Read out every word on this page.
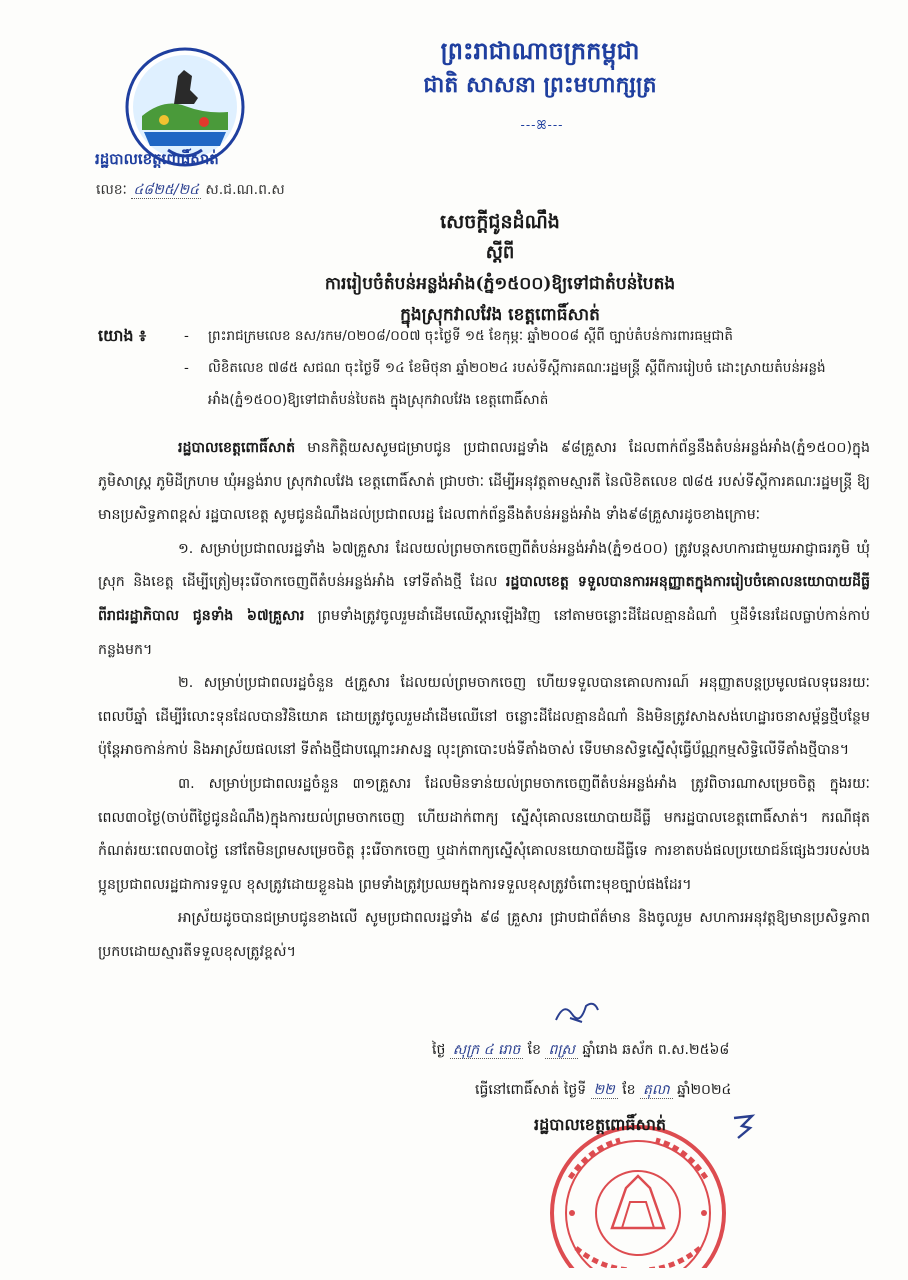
ព្រះរាជាណាចក្រកម្ពុជា
ជាតិ សាសនា ព្រះមហាក្សត្រ
---ꕤ---
រដ្ឋបាលខេត្តពោធិ៍សាត់
លេខៈ ៤៨២៥/២៤ ស.ជ.ណ.ព.ស
សេចក្តីជូនដំណឹង
ស្តីពី
ការរៀបចំតំបន់អន្លង់អាំង(ភ្នំ១៥០០)ឱ្យទៅជាតំបន់បៃតង
ក្នុងស្រុកវាលវែង ខេត្តពោធិ៍សាត់
យោង ៖	- ព្រះរាជក្រមលេខ នស/រកម/០២០៨/០០៧ ចុះថ្ងៃទី ១៥ ខែកុម្ភៈ ឆ្នាំ២០០៨ ស្តីពី ច្បាប់តំបន់ការពារធម្មជាតិ
- លិខិតលេខ ៧៨៥ សជណ ចុះថ្ងៃទី ១៤ ខែមិថុនា ឆ្នាំ២០២៤ របស់ទីស្តីការគណៈរដ្ឋមន្ត្រី ស្តីពីការរៀបចំ ដោះស្រាយតំបន់អន្លង់អាំង(ភ្នំ១៥០០)ឱ្យទៅជាតំបន់បៃតង ក្នុងស្រុកវាលវែង ខេត្តពោធិ៍សាត់

រដ្ឋបាលខេត្តពោធិ៍សាត់ មានកិត្តិយសសូមជម្រាបជូន ប្រជាពលរដ្ឋទាំង ៩៨គ្រួសារ ដែលពាក់ព័ន្ធនឹងតំបន់អន្លង់អាំង(ភ្នំ១៥០០)ក្នុងភូមិសាស្ត្រ ភូមិដីក្រហម ឃុំអន្លង់រាប ស្រុកវាលវែង ខេត្តពោធិ៍សាត់ ជ្រាបថាៈ ដើម្បីអនុវត្តតាមស្មារតី នៃលិខិតលេខ ៧៨៥ របស់ទីស្តីការគណៈរដ្ឋមន្ត្រី ឱ្យមានប្រសិទ្ធភាពខ្ពស់ រដ្ឋបាលខេត្ត សូមជូនដំណឹងដល់ប្រជាពលរដ្ឋ ដែលពាក់ព័ន្ធនឹងតំបន់អន្លង់អាំង ទាំង៩៨គ្រួសារដូចខាងក្រោមៈ

១. សម្រាប់ប្រជាពលរដ្ឋទាំង ៦៧គ្រួសារ ដែលយល់ព្រមចាកចេញពីតំបន់អន្លង់អាំង(ភ្នំ១៥០០) ត្រូវបន្តសហការជាមួយអាជ្ញាធរភូមិ ឃុំ ស្រុក និងខេត្ត ដើម្បីត្រៀមរុះរើចាកចេញពីតំបន់អន្លង់អាំង ទៅទីតាំងថ្មី ដែល រដ្ឋបាលខេត្ត ទទួលបានការអនុញ្ញាតក្នុងការរៀបចំគោលនយោបាយដីធ្លី ពីរាជរដ្ឋាភិបាល ជូនទាំង ៦៧គ្រួសារ ព្រមទាំងត្រូវចូលរួមដាំដើមឈើស្តារឡើងវិញ នៅតាមចន្លោះដីដែលគ្មានដំណាំ ឬដីទំនេរដែលធ្លាប់កាន់កាប់កន្លងមក។

២. សម្រាប់ប្រជាពលរដ្ឋចំនួន ៥គ្រួសារ ដែលយល់ព្រមចាកចេញ ហើយទទួលបានគោលការណ៍ អនុញ្ញាតបន្តប្រមូលផលទុរេនរយៈពេលបីឆ្នាំ ដើម្បីរំលោះទុនដែលបានវិនិយោគ ដោយត្រូវចូលរួមដាំដើមឈើនៅ ចន្លោះដីដែលគ្មានដំណាំ និងមិនត្រូវសាងសង់ហេដ្ឋារចនាសម្ព័ន្ធថ្មីបន្ថែម ប៉ុន្តែអាចកាន់កាប់ និងអាស្រ័យផលនៅ ទីតាំងថ្មីជាបណ្តោះអាសន្ន លុះត្រាបោះបង់ទីតាំងចាស់ ទើបមានសិទ្ធស្នើសុំធ្វើប័ណ្ណកម្មសិទ្ធិលើទីតាំងថ្មីបាន។

៣. សម្រាប់ប្រជាពលរដ្ឋចំនួន ៣១គ្រួសារ ដែលមិនទាន់យល់ព្រមចាកចេញពីតំបន់អន្លង់អាំង ត្រូវពិចារណាសម្រេចចិត្ត ក្នុងរយៈពេល៣០ថ្ងៃ(ចាប់ពីថ្ងៃជូនដំណឹង)ក្នុងការយល់ព្រមចាកចេញ ហើយដាក់ពាក្យ ស្នើសុំគោលនយោបាយដីធ្លី មករដ្ឋបាលខេត្តពោធិ៍សាត់។ ករណីផុតកំណត់រយៈពេល៣០ថ្ងៃ នៅតែមិនព្រមសម្រេចចិត្ត រុះរើចាកចេញ ឬដាក់ពាក្យស្នើសុំគោលនយោបាយដីធ្លីទេ ការខាតបង់ផលប្រយោជន៍ផ្សេងៗរបស់បងប្អូនប្រជាពលរដ្ឋជាការទទួល ខុសត្រូវដោយខ្លួនឯង ព្រមទាំងត្រូវប្រឈមក្នុងការទទួលខុសត្រូវចំពោះមុខច្បាប់ផងដែរ។

អាស្រ័យដូចបានជម្រាបជូនខាងលើ សូមប្រជាពលរដ្ឋទាំង ៩៨ គ្រួសារ ជ្រាបជាព័ត៌មាន និងចូលរួម សហការអនុវត្តឱ្យមានប្រសិទ្ធភាព ប្រកបដោយស្មារតីទទួលខុសត្រូវខ្ពស់។

ថ្ងៃ សុក្រ ៤ រោច ខែ ពស្រ ឆ្នាំរោង ឆស័ក ព.ស.២៥៦៨
ធ្វើនៅពោធិ៍សាត់ ថ្ងៃទី ២២ ខែ តុលា ឆ្នាំ២០២៤
រដ្ឋបាលខេត្តពោធិ៍សាត់
